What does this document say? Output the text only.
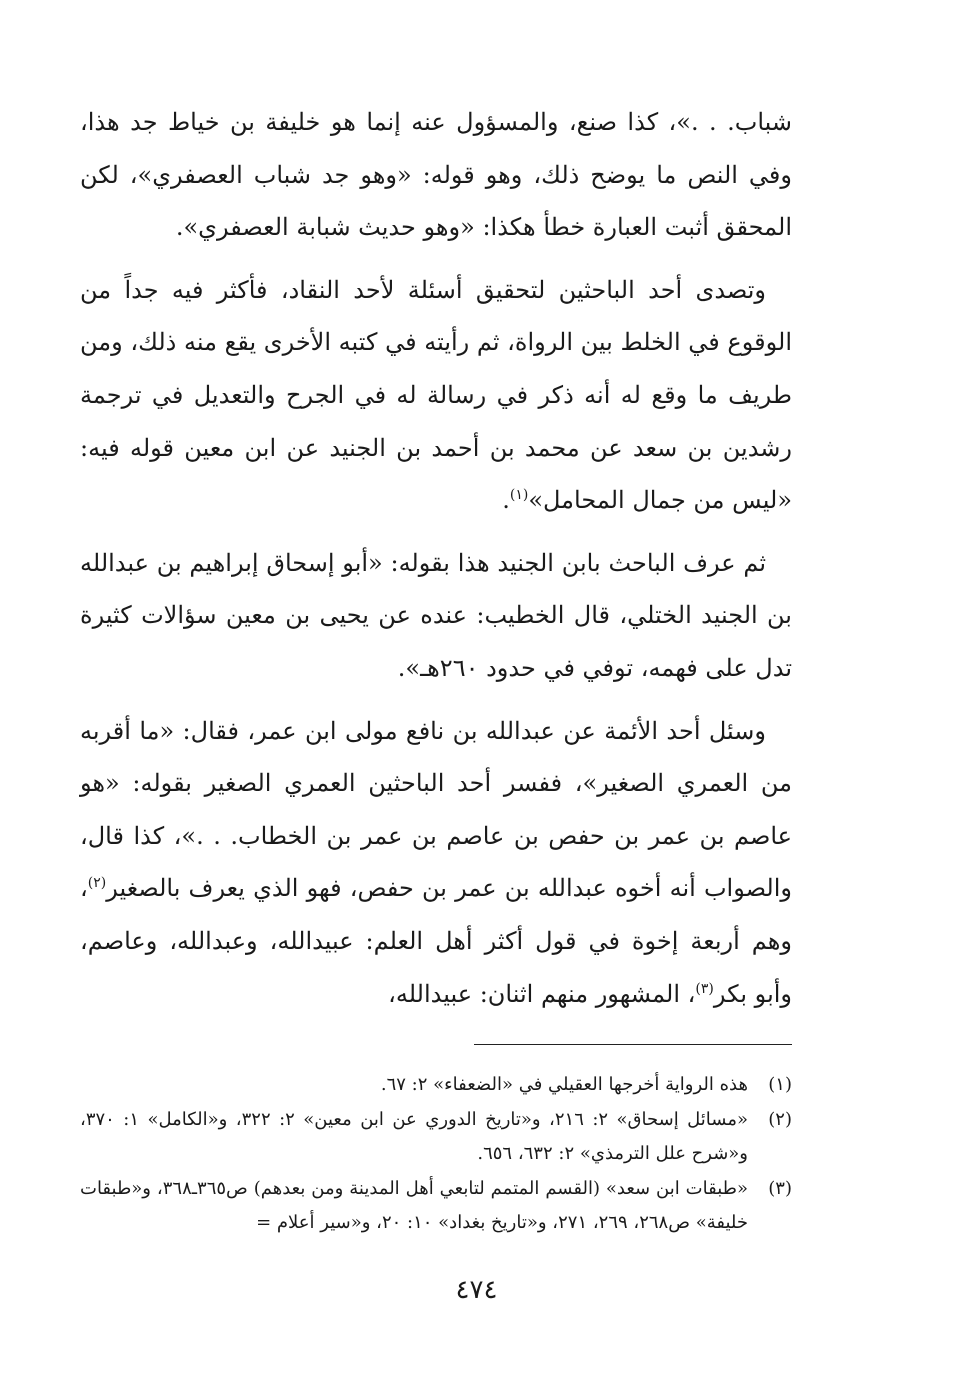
شباب. . .»، كذا صنع، والمسؤول عنه إنما هو خليفة بن خياط جد هذا، وفي النص ما يوضح ذلك، وهو قوله: «وهو جد شباب العصفري»، لكن المحقق أثبت العبارة خطأ هكذا: «وهو حديث شبابة العصفري».

وتصدى أحد الباحثين لتحقيق أسئلة لأحد النقاد، فأكثر فيه جداً من الوقوع في الخلط بين الرواة، ثم رأيته في كتبه الأخرى يقع منه ذلك، ومن طريف ما وقع له أنه ذكر في رسالة له في الجرح والتعديل في ترجمة رشدين بن سعد عن محمد بن أحمد بن الجنيد عن ابن معين قوله فيه: «ليس من جمال المحامل»$^{(١)}$.

ثم عرف الباحث بابن الجنيد هذا بقوله: «أبو إسحاق إبراهيم بن عبدالله بن الجنيد الختلي، قال الخطيب: عنده عن يحيى بن معين سؤالات كثيرة تدل على فهمه، توفي في حدود ٢٦٠هـ».

وسئل أحد الأئمة عن عبدالله بن نافع مولى ابن عمر، فقال: «ما أقربه من العمري الصغير»، ففسر أحد الباحثين العمري الصغير بقوله: «هو عاصم بن عمر بن حفص بن عاصم بن عمر بن الخطاب. . .»، كذا قال، والصواب أنه أخوه عبدالله بن عمر بن حفص، فهو الذي يعرف بالصغير$^{(٢)}$، وهم أربعة إخوة في قول أكثر أهل العلم: عبيدالله، وعبدالله، وعاصم، وأبو بكر$^{(٣)}$، المشهور منهم اثنان: عبيدالله،

(١)
هذه الرواية أخرجها العقيلي في «الضعفاء» ٢: ٦٧.
(٢)
«مسائل إسحاق» ٢: ٢١٦، و«تاريخ الدوري عن ابن معين» ٢: ٣٢٢، و«الكامل» ١: ٣٧٠، و«شرح علل الترمذي» ٢: ٦٣٢، ٦٥٦.
(٣)
«طبقات ابن سعد» (القسم المتمم لتابعي أهل المدينة ومن بعدهم) ص٣٦٥ـ٣٦٨، و«طبقات خليفة» ص٢٦٨، ٢٦٩، ٢٧١، و«تاريخ بغداد» ١٠: ٢٠، و«سير أعلام =
٤٧٤
